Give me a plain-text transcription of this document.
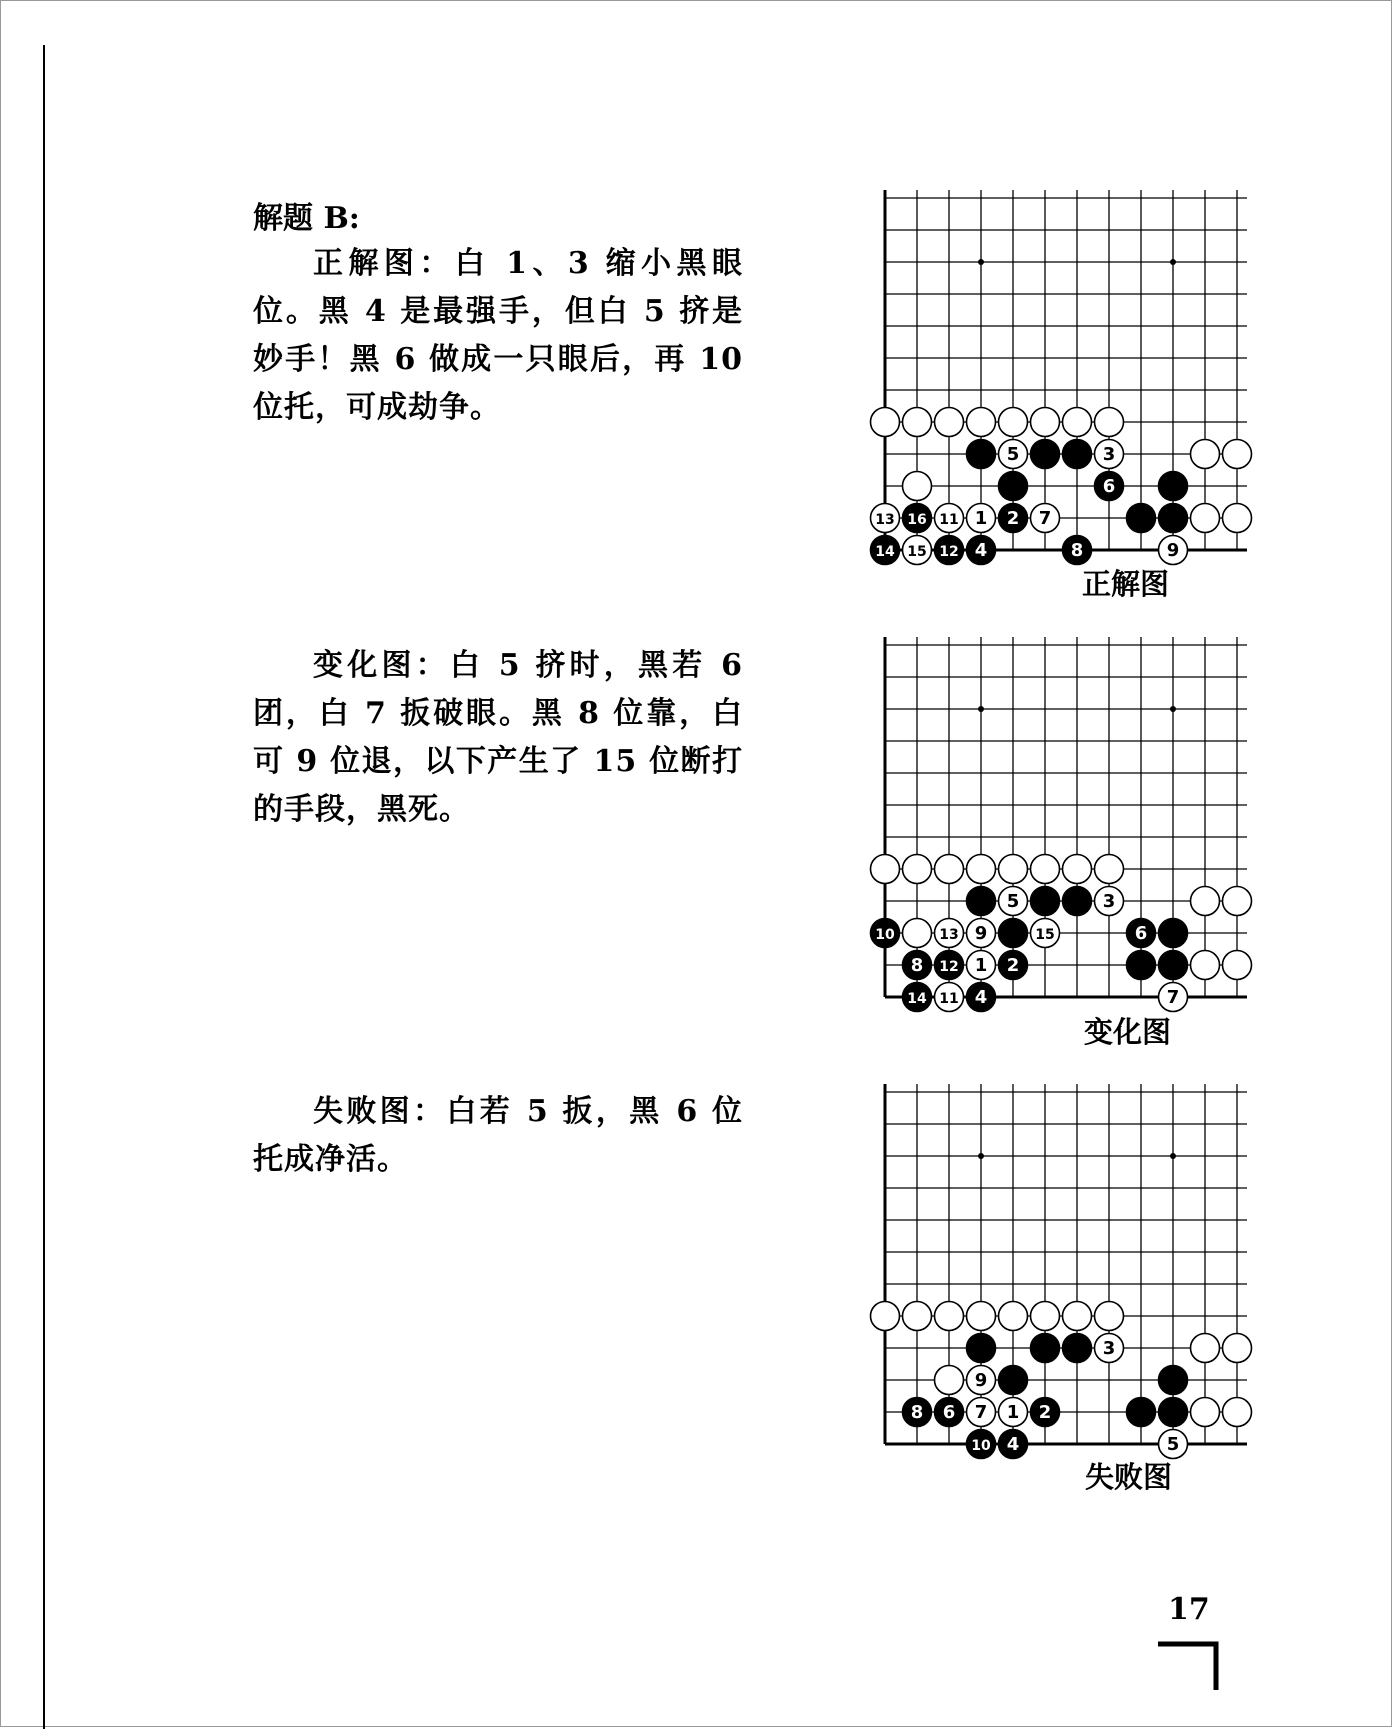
解题 B:

正解图：白 1、3 缩小黑眼位。黑 4 是最强手，但白 5 挤是妙手！黑 6 做成一只眼后，再 10 位托，可成劫争。

变化图：白 5 挤时，黑若 6 团，白 7 扳破眼。黑 8 位靠，白可 9 位退，以下产生了 15 位断打的手段，黑死。

失败图：白若 5 扳，黑 6 位托成净活。

5	3
6
13 16 11 1 2 7
14 15 12 4	8	9
正解图
5	3
10	13 9	15	6
8 12 1 2
14 11 4	7
变化图
3
9
8 6 7 1 2
10 4	5
失败图
17
